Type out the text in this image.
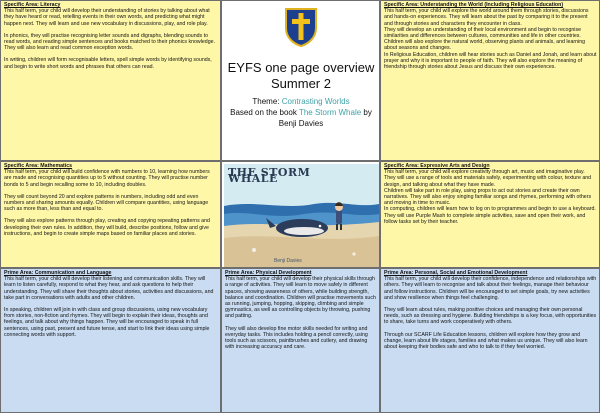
Specific Area: Literacy

This half term, your child will develop their understanding of stories by talking about what they have heard or read, retelling events in their own words, and predicting what might happen next. They will learn and use new vocabulary in discussions, play, and role play.

In phonics, they will practise recognising letter sounds and digraphs, blending sounds to read words, and reading simple sentences and books matched to their phonics knowledge. They will also learn and read common exception words.

In writing, children will form recognisable letters, spell simple words by identifying sounds, and begin to write short words and phrases that others can read.	EYFS one page overview
Summer 2
Theme: Contrasting Worlds
Based on the book The Storm Whale by
Benji Davies
Specific Area: Understanding the World (Including Religious Education)

This half term, your child will explore the world around them through stories, discussions and hands-on experiences. They will learn about the past by comparing it to the present and through stories and characters they encounter in class.

They will develop an understanding of their local environment and begin to recognise similarities and differences between cultures, communities and life in other countries. Children will also explore the natural world, observing plants and animals, and learning about seasons and changes.

In Religious Education, children will hear stories such as Daniel and Jonah, and learn about prayer and why it is important to people of faith. They will also explore the meaning of friendship through stories about Jesus and discuss their own experiences.

Specific Area: Mathematics

This half term, your child will build confidence with numbers to 10, learning how numbers are made and recognising quantities up to 5 without counting. They will practise number bonds to 5 and begin recalling some to 10, including doubles.

They will count beyond 20 and explore patterns in numbers, including odd and even numbers and sharing amounts equally. Children will compare quantities, using language such as more than, less than and equal to.

They will also explore patterns through play, creating and copying repeating patterns and developing their own rules. In addition, they will build, describe positions, follow and give instructions, and begin to create simple maps based on familiar places and stories.

THE STORM WHALE
Benji Davies
Specific Area: Expressive Arts and Design

This half term, your child will explore creativity through art, music and imaginative play. They will use a range of tools and materials safely, experimenting with colour, texture and design, and talking about what they have made.

Children will take part in role play, using props to act out stories and create their own narratives. They will also enjoy singing familiar songs and rhymes, performing with others and moving in time to music.

In computing, children will learn how to log on to programmes and begin to use a keyboard. They will use Purple Mash to complete simple activities, save and open their work, and follow tasks set by their teacher.

Prime Area: Communication and Language

This half term, your child will develop their listening and communication skills. They will learn to listen carefully, respond to what they hear, and ask questions to help their understanding. They will share their thoughts about stories, activities and discussions, and take part in conversations with adults and other children.

In speaking, children will join in with class and group discussions, using new vocabulary from stories, non-fiction and rhymes. They will begin to explain their ideas, thoughts and feelings, and talk about why things happen. They will be encouraged to speak in full sentences, using past, present and future tense, and start to link their ideas using simple connecting words with support.

Prime Area: Physical Development

This half term, your child will develop their physical skills through a range of activities. They will learn to move safely in different spaces, showing awareness of others, while building strength, balance and coordination. Children will practise movements such as running, jumping, hopping, skipping, climbing and simple gymnastics, as well as controlling objects by throwing, pushing and patting.

They will also develop fine motor skills needed for writing and everyday tasks. This includes holding a pencil correctly, using tools such as scissors, paintbrushes and cutlery, and drawing with increasing accuracy and care.

Prime Area: Personal, Social and Emotional Development

This half term, your child will develop their confidence, independence and relationships with others. They will learn to recognise and talk about their feelings, manage their behaviour and follow instructions. Children will be encouraged to set simple goals, try new activities and show resilience when things feel challenging.

They will learn about rules, making positive choices and managing their own personal needs, such as dressing and hygiene. Building friendships is a key focus, with opportunities to share, take turns and work cooperatively with others.

Through our SCARF Life Education lessons, children will explore how they grow and change, learn about life stages, families and what makes us unique. They will also learn about keeping their bodies safe and who to talk to if they feel worried.
